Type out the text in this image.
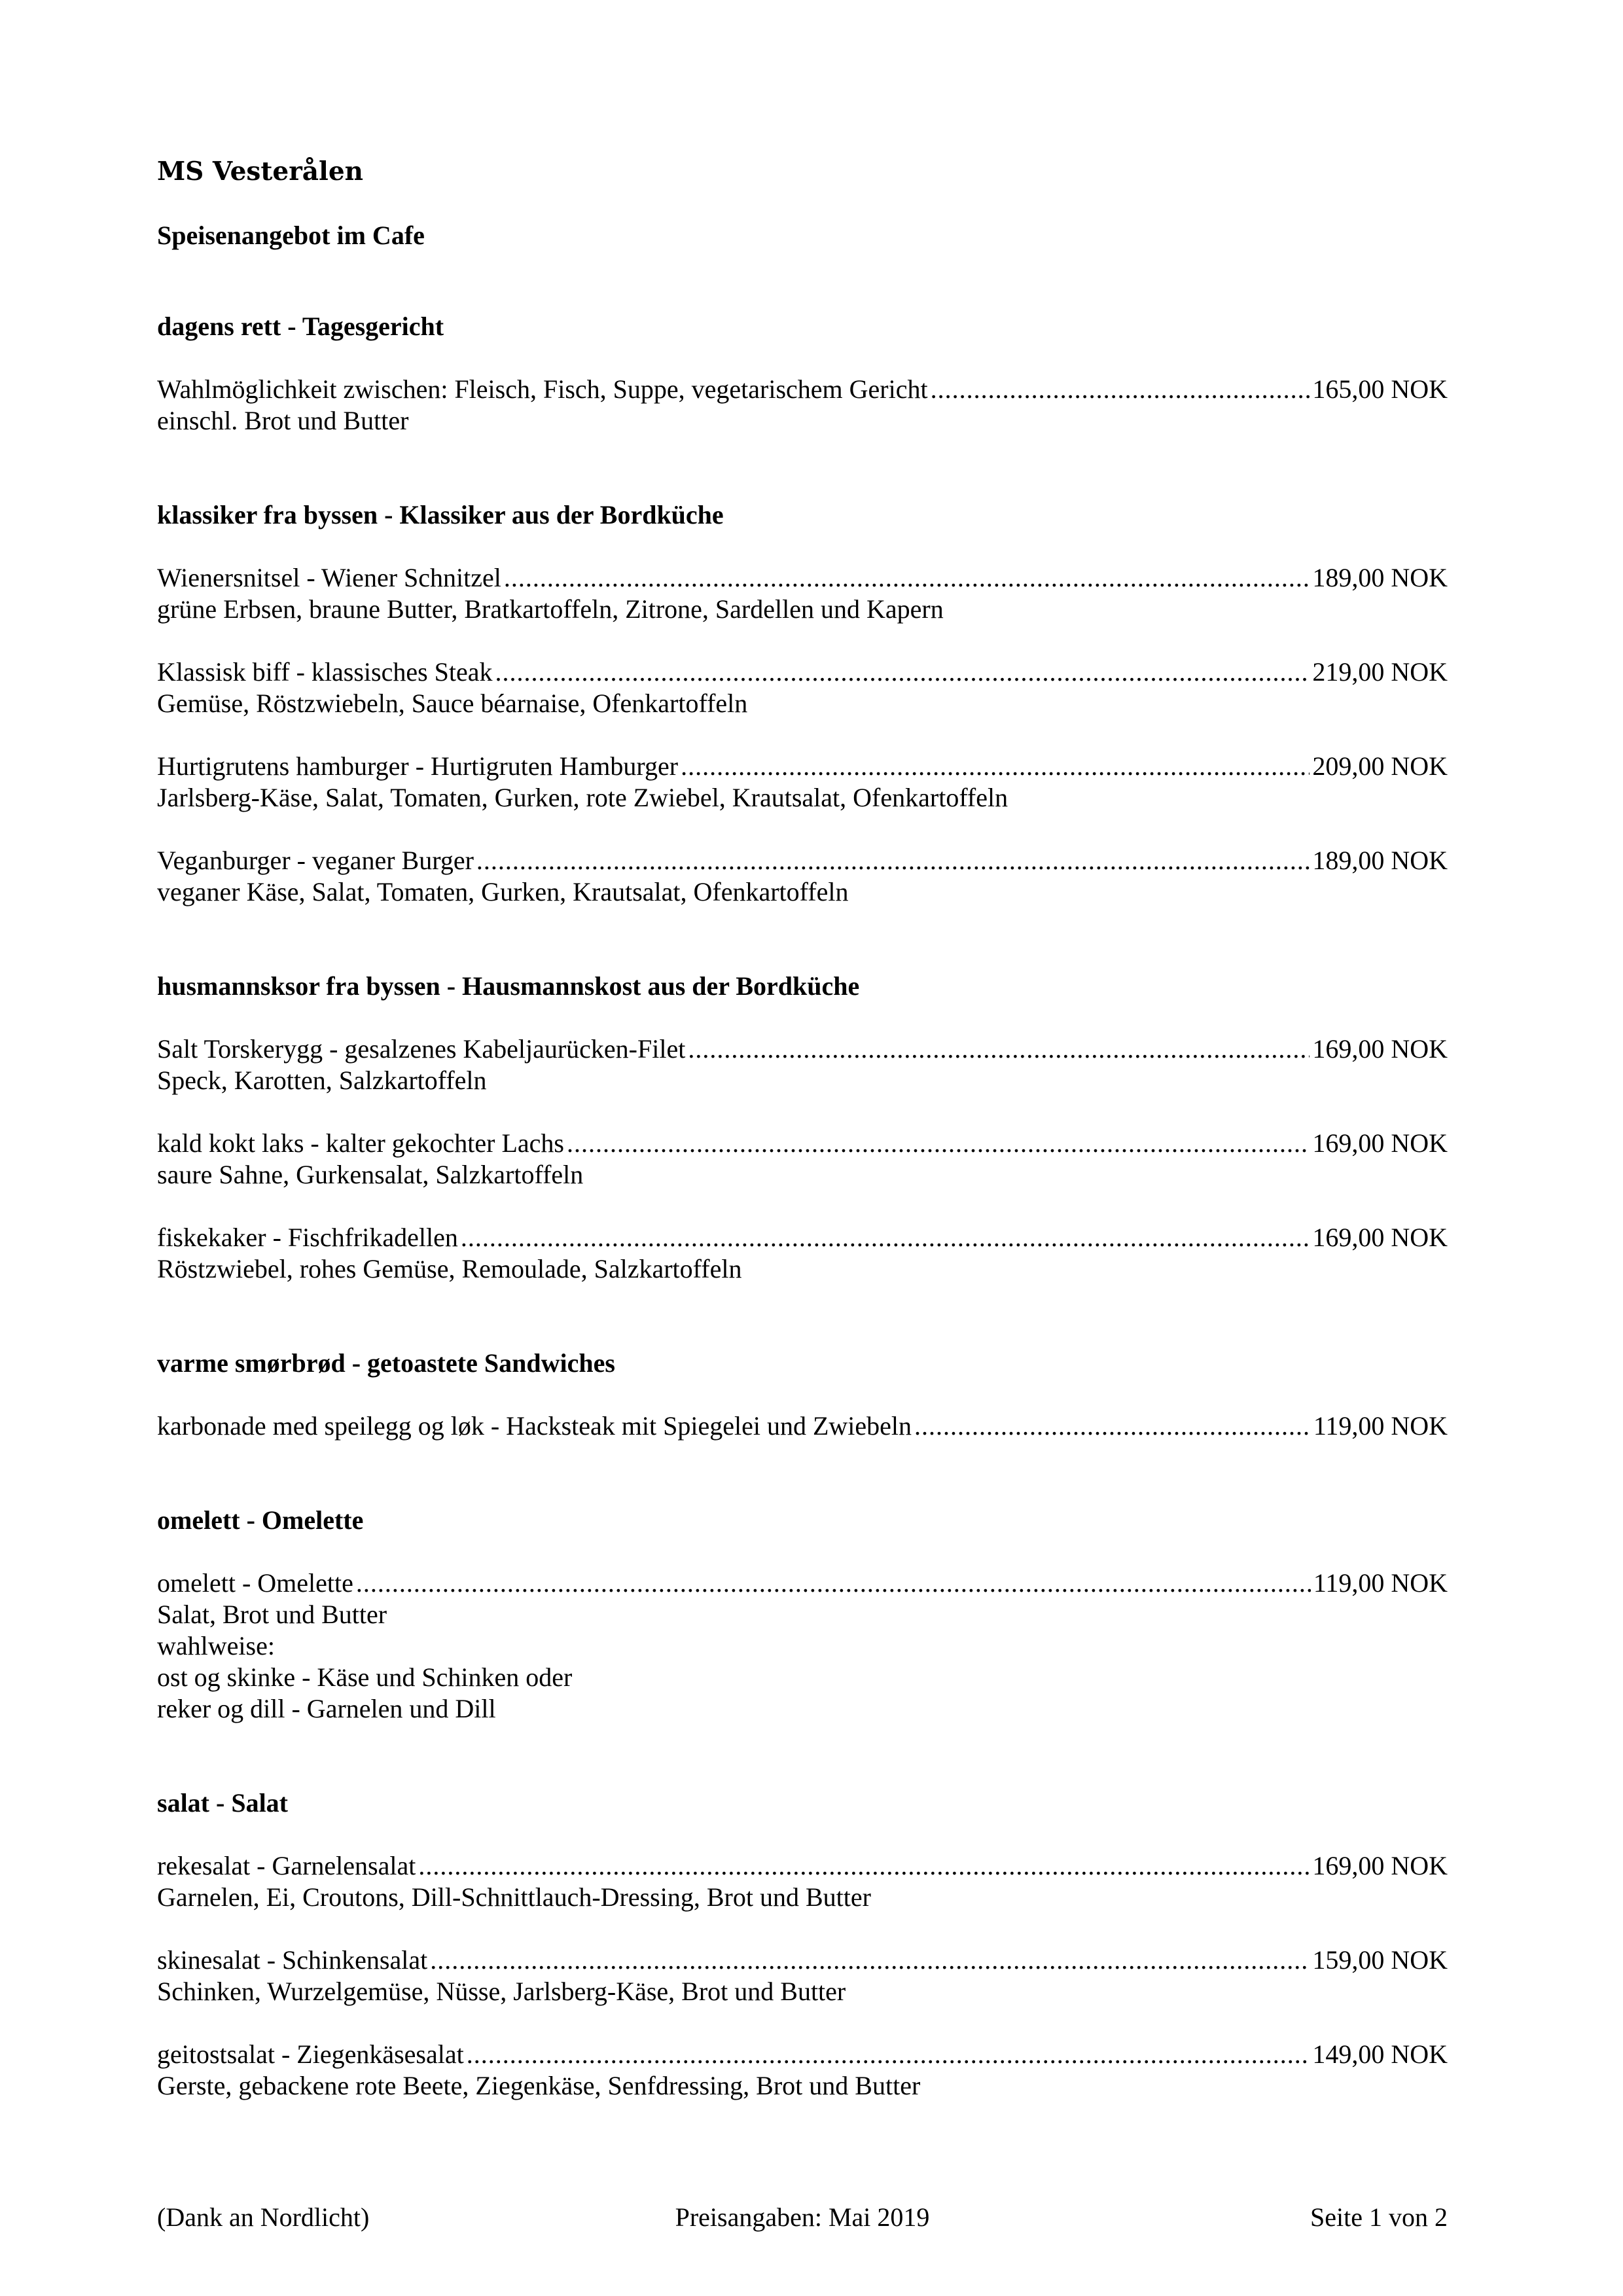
MS Vesterålen
Speisenangebot im Cafe
dagens rett - Tagesgericht
Wahlmöglichkeit zwischen: Fleisch, Fisch, Suppe, vegetarischem Gericht .....	165,00 NOK
einschl. Brot und Butter
klassiker fra byssen - Klassiker aus der Bordküche
Wienersnitsel - Wiener Schnitzel .....	189,00 NOK
grüne Erbsen, braune Butter, Bratkartoffeln, Zitrone, Sardellen und Kapern
Klassisk biff - klassisches Steak .....	219,00 NOK
Gemüse, Röstzwiebeln, Sauce béarnaise, Ofenkartoffeln
Hurtigrutens hamburger - Hurtigruten Hamburger .....	209,00 NOK
Jarlsberg-Käse, Salat, Tomaten, Gurken, rote Zwiebel, Krautsalat, Ofenkartoffeln
Veganburger - veganer Burger .....	189,00 NOK
veganer Käse, Salat, Tomaten, Gurken, Krautsalat, Ofenkartoffeln
husmannsksor fra byssen - Hausmannskost aus der Bordküche
Salt Torskerygg - gesalzenes Kabeljaurücken-Filet .....	169,00 NOK
Speck, Karotten, Salzkartoffeln
kald kokt laks - kalter gekochter Lachs .....	169,00 NOK
saure Sahne, Gurkensalat, Salzkartoffeln
fiskekaker - Fischfrikadellen .....	169,00 NOK
Röstzwiebel, rohes Gemüse, Remoulade, Salzkartoffeln
varme smørbrød - getoastete Sandwiches
karbonade med speilegg og løk - Hacksteak mit Spiegelei und Zwiebeln .....	119,00 NOK
omelett - Omelette
omelett - Omelette .....	119,00 NOK
Salat, Brot und Butter
wahlweise:
ost og skinke - Käse und Schinken oder
reker og dill - Garnelen und Dill
salat - Salat
rekesalat - Garnelensalat .....	169,00 NOK
Garnelen, Ei, Croutons, Dill-Schnittlauch-Dressing, Brot und Butter
skinesalat - Schinkensalat .....	159,00 NOK
Schinken, Wurzelgemüse, Nüsse, Jarlsberg-Käse, Brot und Butter
geitostsalat - Ziegenkäsesalat .....	149,00 NOK
Gerste, gebackene rote Beete, Ziegenkäse, Senfdressing, Brot und Butter
(Dank an Nordlicht)	Preisangaben: Mai 2019	Seite 1 von 2
